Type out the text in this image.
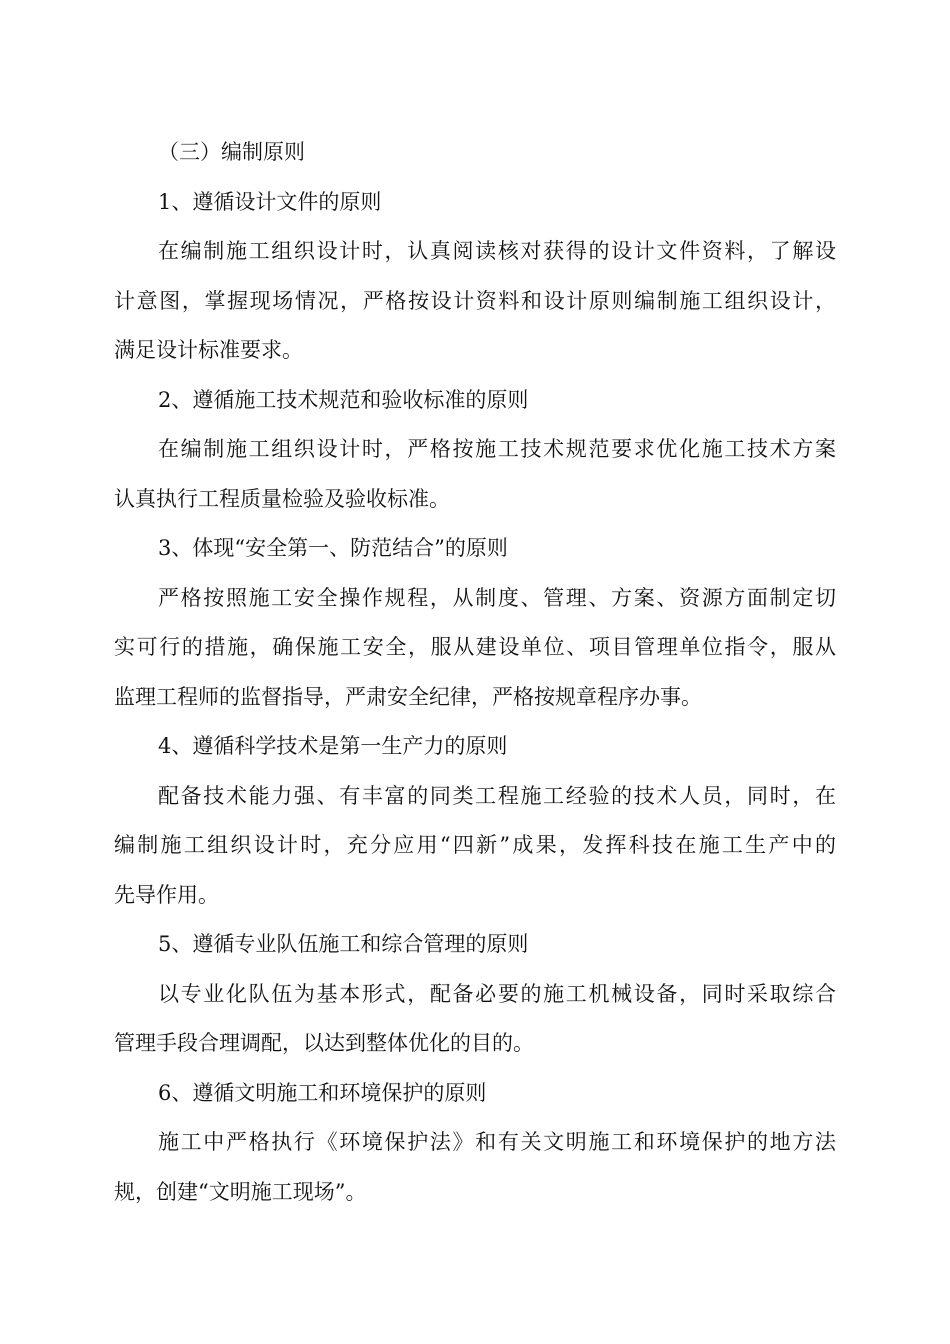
（三）编制原则
1、遵循设计文件的原则
在编制施工组织设计时，认真阅读核对获得的设计文件资料，了解设
计意图，掌握现场情况，严格按设计资料和设计原则编制施工组织设计，
满足设计标准要求。
2、遵循施工技术规范和验收标准的原则
在编制施工组织设计时，严格按施工技术规范要求优化施工技术方案
认真执行工程质量检验及验收标准。
3、体现“安全第一、防范结合”的原则
严格按照施工安全操作规程，从制度、管理、方案、资源方面制定切
实可行的措施，确保施工安全，服从建设单位、项目管理单位指令，服从
监理工程师的监督指导，严肃安全纪律，严格按规章程序办事。
4、遵循科学技术是第一生产力的原则
配备技术能力强、有丰富的同类工程施工经验的技术人员，同时，在
编制施工组织设计时，充分应用“四新”成果，发挥科技在施工生产中的
先导作用。
5、遵循专业队伍施工和综合管理的原则
以专业化队伍为基本形式，配备必要的施工机械设备，同时采取综合
管理手段合理调配，以达到整体优化的目的。
6、遵循文明施工和环境保护的原则
施工中严格执行《环境保护法》和有关文明施工和环境保护的地方法
规，创建“文明施工现场”。
